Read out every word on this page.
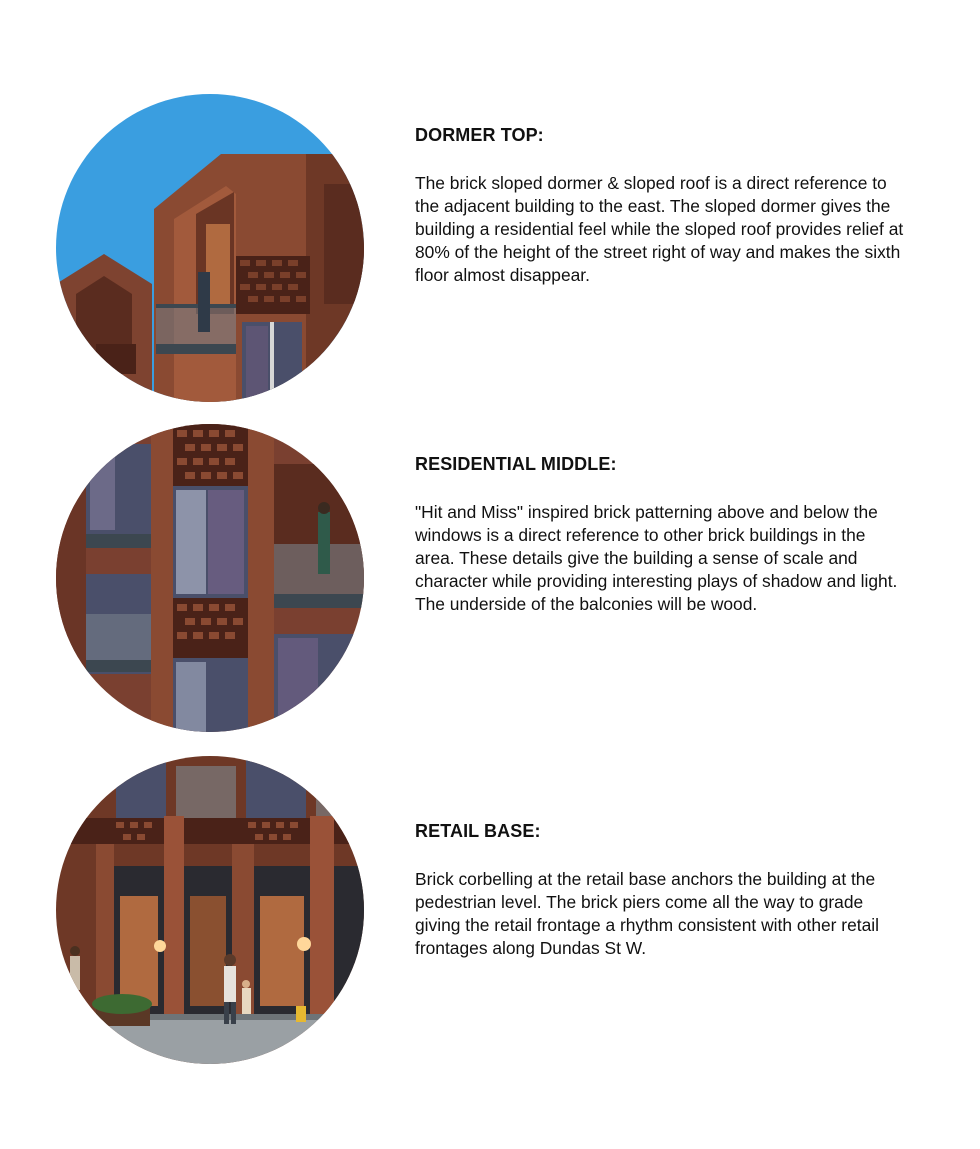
DORMER TOP:

The brick sloped dormer & sloped roof is a direct reference to the adjacent building to the east. The sloped dormer gives the building a residential feel while the sloped roof provides relief at 80% of the height of the street right of way and makes the sixth floor almost disappear.

RESIDENTIAL MIDDLE:

"Hit and Miss" inspired brick patterning above and below the windows is a direct reference to other brick buildings in the area. These details give the building a sense of scale and character while providing interesting plays of shadow and light. The underside of the balconies will be wood.

RETAIL BASE:

Brick corbelling at the retail base anchors the building at the pedestrian level. The brick piers come all the way to grade giving the retail frontage a rhythm consistent with other retail frontages along Dundas St W.
